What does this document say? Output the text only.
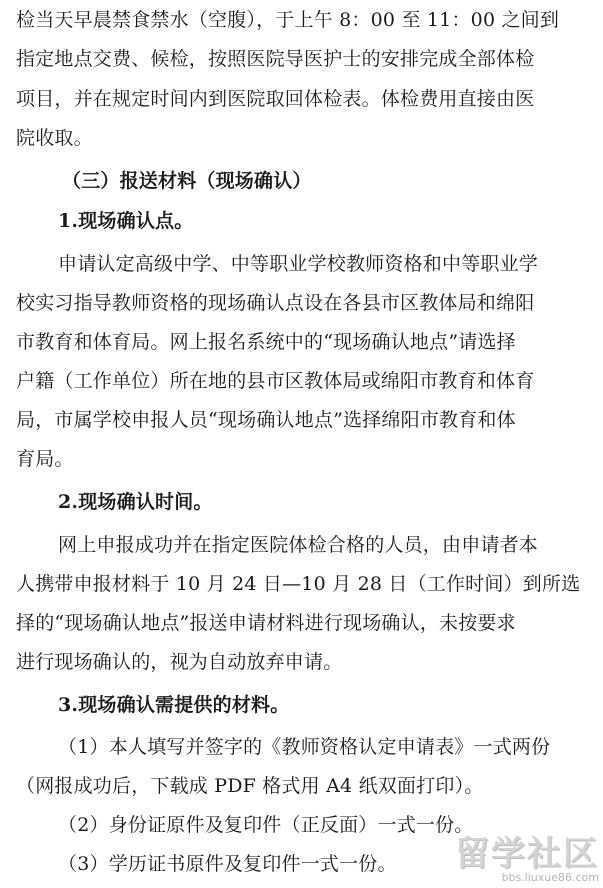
检当天早晨禁食禁水（空腹），于上午 8：00 至 11：00 之间到
指定地点交费、候检，按照医院导医护士的安排完成全部体检
项目，并在规定时间内到医院取回体检表。体检费用直接由医
院收取。
（三）报送材料（现场确认）
1.现场确认点。
申请认定高级中学、中等职业学校教师资格和中等职业学
校实习指导教师资格的现场确认点设在各县市区教体局和绵阳
市教育和体育局。网上报名系统中的“现场确认地点”请选择
户籍（工作单位）所在地的县市区教体局或绵阳市教育和体育
局，市属学校申报人员“现场确认地点”选择绵阳市教育和体
育局。
2.现场确认时间。
网上申报成功并在指定医院体检合格的人员，由申请者本
人携带申报材料于 10 月 24 日—10 月 28 日（工作时间）到所选
择的“现场确认地点”报送申请材料进行现场确认，未按要求
进行现场确认的，视为自动放弃申请。
3.现场确认需提供的材料。
（1）本人填写并签字的《教师资格认定申请表》一式两份
（网报成功后，下载成 PDF 格式用 A4 纸双面打印）。
（2）身份证原件及复印件（正反面）一式一份。
（3）学历证书原件及复印件一式一份。	留学社区
bbs.liuxue86.com
